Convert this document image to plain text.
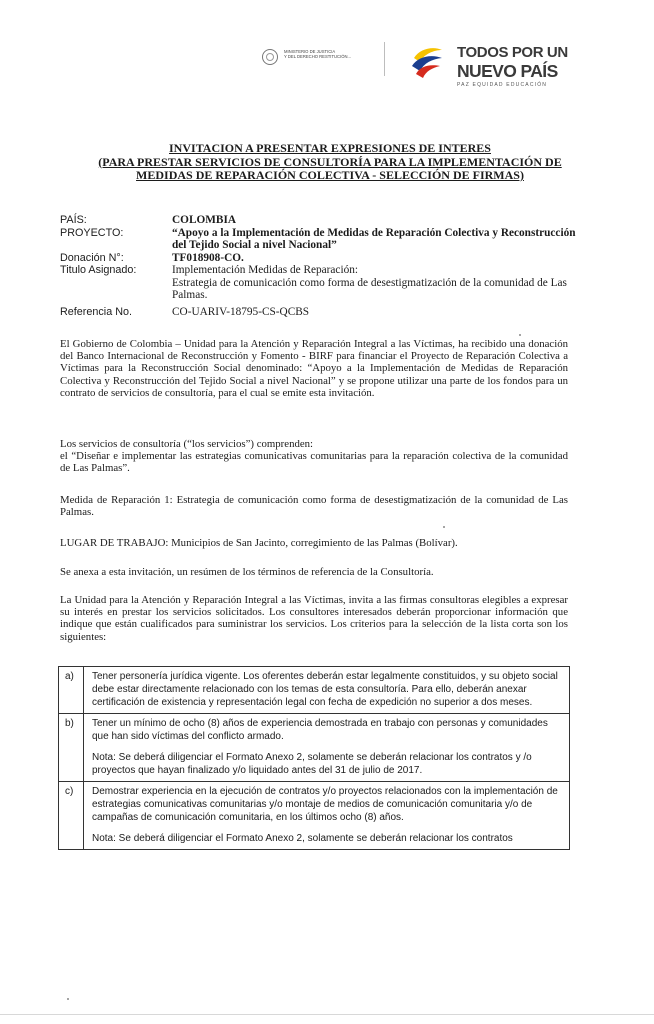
MINISTERIO DE JUSTICIA
Y DEL DERECHO RESTITUCIÓN...	TODOS POR UN
NUEVO PAÍS
PAZ EQUIDAD EDUCACIÓN
INVITACION A PRESENTAR EXPRESIONES DE INTERES
(PARA PRESTAR SERVICIOS DE CONSULTORÍA PARA LA IMPLEMENTACIÓN DE
MEDIDAS DE REPARACIÓN COLECTIVA - SELECCIÓN DE FIRMAS)
PAÍS:	COLOMBIA
PROYECTO:	“Apoyo a la Implementación de Medidas de Reparación Colectiva y Reconstrucción del Tejido Social a nivel Nacional”
Donación N°:	TF018908-CO.
Titulo Asignado:	Implementación Medidas de Reparación:
Estrategia de comunicación como forma de desestigmatización de la comunidad de Las Palmas.
Referencia No.	CO-UARIV-18795-CS-QCBS

El Gobierno de Colombia – Unidad para la Atención y Reparación Integral a las Víctimas, ha recibido una donación del Banco Internacional de Reconstrucción y Fomento - BIRF para financiar el Proyecto de Reparación Colectiva a Víctimas para la Reconstrucción Social denominado: “Apoyo a la Implementación de Medidas de Reparación Colectiva y Reconstrucción del Tejido Social a nivel Nacional” y se propone utilizar una parte de los fondos para un contrato de servicios de consultoría, para el cual se emite esta invitación.

Los servicios de consultoría (“los servicios”) comprenden:

el “Diseñar e implementar las estrategias comunicativas comunitarias para la reparación colectiva de la comunidad de Las Palmas”.

Medida de Reparación 1: Estrategia de comunicación como forma de desestigmatización de la comunidad de Las Palmas.

LUGAR DE TRABAJO: Municipios de San Jacinto, corregimiento de las Palmas (Bolívar).

Se anexa a esta invitación, un resúmen de los términos de referencia de la Consultoría.

La Unidad para la Atención y Reparación Integral a las Víctimas, invita a las firmas consultoras elegibles a expresar su interés en prestar los servicios solicitados. Los consultores interesados deberán proporcionar información que indique que están cualificados para suministrar los servicios. Los criterios para la selección de la lista corta son los siguientes:

a)	Tener personería jurídica vigente. Los oferentes deberán estar legalmente constituidos, y su objeto social debe estar directamente relacionado con los temas de esta consultoría. Para ello, deberán anexar certificación de existencia y representación legal con fecha de expedición no superior a dos meses.

b)	Tener un mínimo de ocho (8) años de experiencia demostrada en trabajo con personas y comunidades que han sido víctimas del conflicto armado.

Nota: Se deberá diligenciar el Formato Anexo 2, solamente se deberán relacionar los contratos y /o proyectos que hayan finalizado y/o liquidado antes del 31 de julio de 2017.

c)	Demostrar experiencia en la ejecución de contratos y/o proyectos relacionados con la implementación de estrategias comunicativas comunitarias y/o montaje de medios de comunicación comunitaria y/o de campañas de comunicación comunitaria, en los últimos ocho (8) años.

Nota: Se deberá diligenciar el Formato Anexo 2, solamente se deberán relacionar los contratos
